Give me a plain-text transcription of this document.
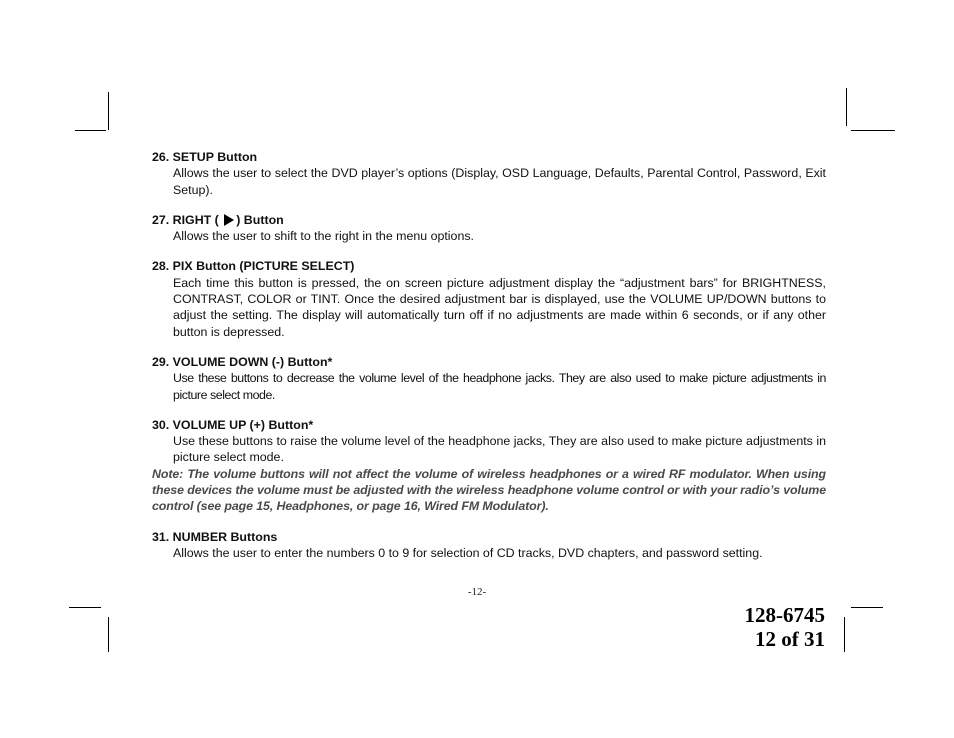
26. SETUP Button
Allows the user to select the DVD player’s options (Display, OSD Language, Defaults, Parental Control, Password, Exit Setup).
27. RIGHT ( ) Button
Allows the user to shift to the right in the menu options.
28. PIX Button (PICTURE SELECT)
Each time this button is pressed, the on screen picture adjustment display the “adjustment bars” for BRIGHTNESS, CONTRAST, COLOR or TINT. Once the desired adjustment bar is displayed, use the VOLUME UP/DOWN buttons to adjust the setting. The display will automatically turn off if no adjustments are made within 6 seconds, or if any other button is depressed.
29. VOLUME DOWN (-) Button*
Use these buttons to decrease the volume level of the headphone jacks. They are also used to make picture adjustments in picture select mode.
30. VOLUME UP (+) Button*
Use these buttons to raise the volume level of the headphone jacks, They are also used to make picture adjustments in picture select mode.
Note: The volume buttons will not affect the volume of wireless headphones or a wired RF modulator. When using these devices the volume must be adjusted with the wireless headphone volume control or with your radio’s volume control (see page 15, Headphones, or page 16, Wired FM Modulator).
31. NUMBER Buttons
Allows the user to enter the numbers 0 to 9 for selection of CD tracks, DVD chapters, and password setting.
-12-
128-6745
12 of 31
